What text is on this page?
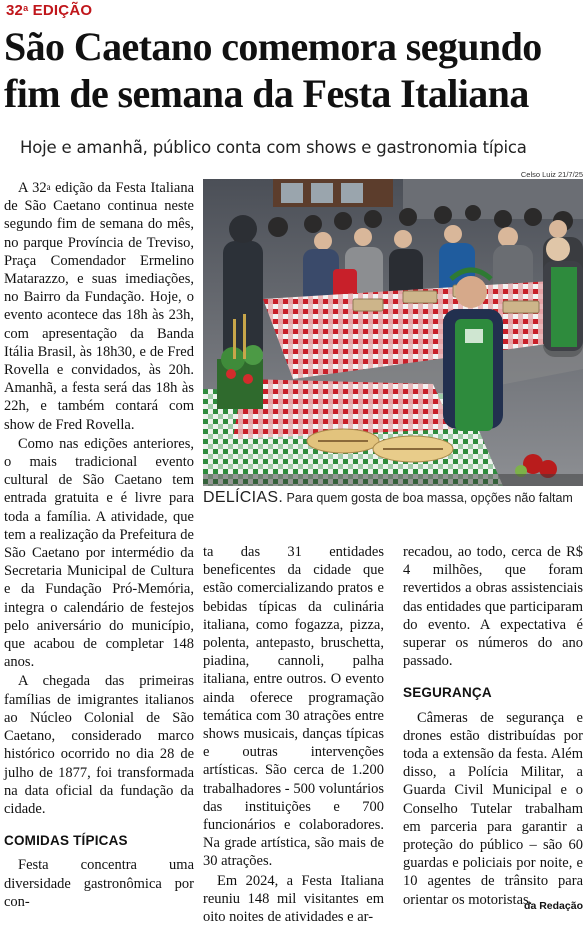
32$^a$ EDIÇÃO
São Caetano comemora segundo
fim de semana da Festa Italiana
Hoje e amanhã, público conta com shows e gastronomia típica
Celso Luiz 21/7/25
DELÍCIAS. Para quem gosta de boa massa, opções não faltam

A 32$^a$ edição da Festa Italiana de São Caetano continua neste segundo fim de semana do mês, no parque Província de Treviso, Praça Comendador Ermelino Matarazzo, e suas imediações, no Bairro da Fundação. Hoje, o evento acontece das 18h às 23h, com apresentação da Banda Itália Brasil, às 18h30, e de Fred Rovella e convidados, às 20h. Amanhã, a festa será das 18h às 22h, e também contará com show de Fred Rovella.

Como nas edições anteriores, o mais tradicional evento cultural de São Caetano tem entrada gratuita e é livre para toda a família. A atividade, que tem a realização da Prefeitura de São Caetano por intermédio da Secretaria Municipal de Cultura e da Fundação Pró-Memória, integra o calendário de festejos pelo aniversário do município, que acabou de completar 148 anos.

A chegada das primeiras famílias de imigrantes italianos ao Núcleo Colonial de São Caetano, considerado marco histórico ocorrido no dia 28 de julho de 1877, foi transformada na data oficial da fundação da cidade.

COMIDAS TÍPICAS

Festa concentra uma diversidade gastronômica por con-

ta das 31 entidades beneficentes da cidade que estão comercializando pratos e bebidas típicas da culinária italiana, como fogazza, pizza, polenta, antepasto, bruschetta, piadina, cannoli, palha italiana, entre outros. O evento ainda oferece programação temática com 30 atrações entre shows musicais, danças típicas e outras intervenções artísticas. São cerca de 1.200 trabalhadores - 500 voluntários das instituições e 700 funcionários e colaboradores. Na grade artística, são mais de 30 atrações.

Em 2024, a Festa Italiana reuniu 148 mil visitantes em oito noites de atividades e ar-

recadou, ao todo, cerca de R$ 4 milhões, que foram revertidos a obras assistenciais das entidades que participaram do evento. A expectativa é superar os números do ano passado.

SEGURANÇA

Câmeras de segurança e drones estão distribuídas por toda a extensão da festa. Além disso, a Polícia Militar, a Guarda Civil Municipal e o Conselho Tutelar trabalham em parceria para garantir a proteção do público – são 60 guardas e policiais por noite, e 10 agentes de trânsito para orientar os motoristas.

da Redação
